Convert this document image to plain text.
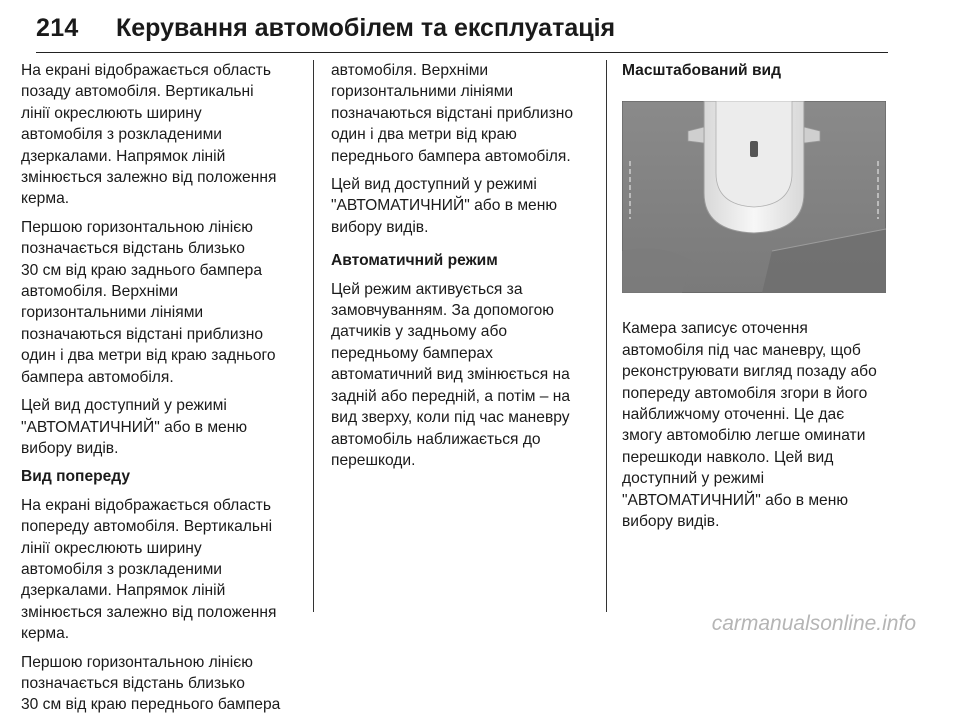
214 Керування автомобілем та експлуатація

На екрані відображається область
позаду автомобіля. Вертикальні
лінії окреслюють ширину
автомобіля з розкладеними
дзеркалами. Напрямок ліній
змінюється залежно від положення
керма.

Першою горизонтальною лінією
позначається відстань близько
30 см від краю заднього бампера
автомобіля. Верхніми
горизонтальними лініями
позначаються відстані приблизно
один і два метри від краю заднього
бампера автомобіля.

Цей вид доступний у режимі
"АВТОМАТИЧНИЙ" або в меню
вибору видів.

Вид попереду

На екрані відображається область
попереду автомобіля. Вертикальні
лінії окреслюють ширину
автомобіля з розкладеними
дзеркалами. Напрямок ліній
змінюється залежно від положення
керма.

Першою горизонтальною лінією
позначається відстань близько
30 см від краю переднього бампера

автомобіля. Верхніми
горизонтальними лініями
позначаються відстані приблизно
один і два метри від краю
переднього бампера автомобіля.

Цей вид доступний у режимі
"АВТОМАТИЧНИЙ" або в меню
вибору видів.

Автоматичний режим

Цей режим активується за
замовчуванням. За допомогою
датчиків у задньому або
передньому бамперах
автоматичний вид змінюється на
задній або передній, а потім – на
вид зверху, коли під час маневру
автомобіль наближається до
перешкоди.

Масштабований вид

Камера записує оточення
автомобіля під час маневру, щоб
реконструювати вигляд позаду або
попереду автомобіля згори в його
найближчому оточенні. Це дає
змогу автомобілю легше оминати
перешкоди навколо. Цей вид
доступний у режимі
"АВТОМАТИЧНИЙ" або в меню
вибору видів.

carmanualsonline.info
